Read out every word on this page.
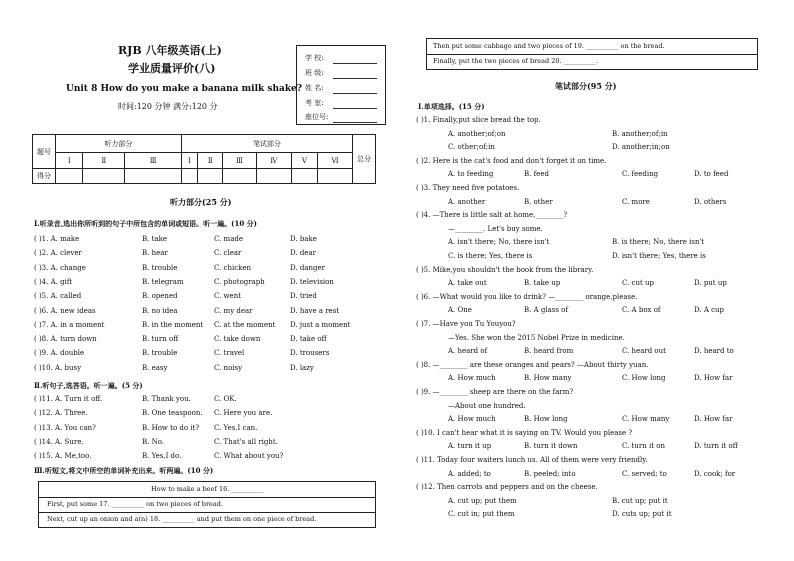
RJB 八年级英语(上)
学业质量评价(八)
Unit 8 How do you make a banana milk shake?
时间:120 分钟 满分:120 分
学 校:
班 级:
姓 名:
考 室:
座位号:
题号	听力部分			笔试部分						总分
	Ⅰ	Ⅱ	Ⅲ	Ⅰ	Ⅱ	Ⅲ	Ⅳ	Ⅴ	Ⅵ	
得分										
听力部分(25 分)
Ⅰ.听录音,选出你所听到的句子中所包含的单词或短语。听一遍。(10 分)
( )1. A. make	B. take	C. made	D. bake
( )2. A. clever	B. hear	C. clear	D. dear
( )3. A. change	B. trouble	C. chicken	D. danger
( )4. A. gift	B. telegram	C. photograph	D. television
( )5. A. called	B. opened	C. went	D. tried
( )6. A. new ideas	B. no idea	C. my dear	D. have a rest
( )7. A. in a moment	B. in the moment C. at the moment D. just a moment
( )8. A. turn down	B. turn off	C. take down	D. take off
( )9. A. double	B. trouble	C. travel	D. trousers
( )10. A. busy	B. easy	C. noisy	D. lazy
Ⅱ.听句子,选答语。听一遍。(5 分)
( )11. A. Turn it off.	B. Thank you.	C. OK.
( )12. A. Three.	B. One teaspoon. C. Here you are.
( )13. A. You can?	B. How to do it? C. Yes,I can.
( )14. A. Sure.	B. No.	C. That's all right.
( )15. A. Me,too.	B. Yes,I do.	C. What about you?
Ⅲ.听短文,将文中所空的单词补充出来。听两遍。(10 分)
How to make a beef 16. __________
First, put some 17. __________ on two pieces of bread.
Next, cut up an onion and a(n) 18. __________ and put them on one piece of bread.
Then put some cabbage and two pieces of 19. __________ on the bread.
Finally, put the two pieces of bread 20. __________.
笔试部分(95 分)
Ⅰ.单项选择。(15 分)
( )1. Finally,put slice bread the top.
A. another;of;on	B. another;of;in
C. other;of;in	D. another;in;on
( )2. Here is the cat's food and don't forget it on time.
A. to feeding	B. feed	C. feeding	D. to feed
( )3. They need five potatoes.
A. another	B. other	C. more	D. others
( )4. —There is little salt at home,________?
—________. Let's buy some.
A. isn't there; No, there isn't	B. is there; No, there isn't
C. is there; Yes, there is	D. isn't there; Yes, there is
( )5. Mike,you shouldn't the book from the library.
A. take out	B. take up	C. cut up	D. put up
( )6. —What would you like to drink? —________ orange,please.
A. One	B. A glass of	C. A box of	D. A cup
( )7. —Have you Tu Youyou?
—Yes. She won the 2015 Nobel Prize in medicine.
A. heard of	B. heard from	C. heard out	D. heard to
( )8. —________ are these oranges and pears? —About thirty yuan.
A. How much	B. How many	C. How long	D. How far
( )9. —________ sheep are there on the farm?
—About one hundred.
A. How much	B. How long	C. How many	D. How far
( )10. I can't hear what it is saying on TV. Would you please ?
A. turn it up	B. turn it down	C. turn it on	D. turn it off
( )11. Today four waiters lunch us. All of them were very friendly.
A. added; to	B. peeled; into	C. served; to	D. cook; for
( )12. Then carrots and peppers and on the cheese.
A. cut up; put them	B. cut up; put it
C. cut in; put them	D. cuts up; put it
